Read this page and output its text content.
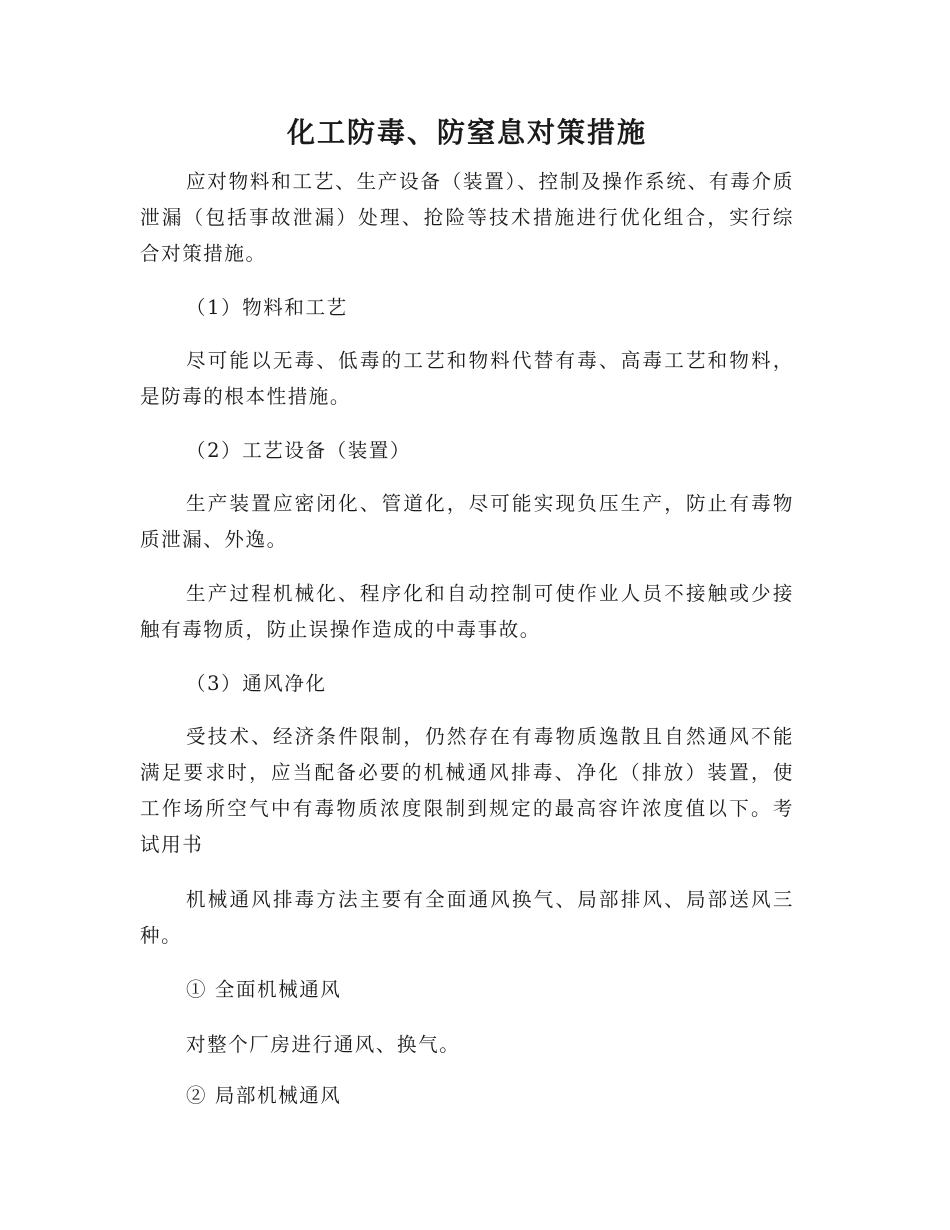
化工防毒、防窒息对策措施

应对物料和工艺、生产设备（装置）、控制及操作系统、有毒介质泄漏（包括事故泄漏）处理、抢险等技术措施进行优化组合，实行综合对策措施。

（1）物料和工艺

尽可能以无毒、低毒的工艺和物料代替有毒、高毒工艺和物料，是防毒的根本性措施。

（2）工艺设备（装置）

生产装置应密闭化、管道化，尽可能实现负压生产，防止有毒物质泄漏、外逸。

生产过程机械化、程序化和自动控制可使作业人员不接触或少接触有毒物质，防止误操作造成的中毒事故。

（3）通风净化

受技术、经济条件限制，仍然存在有毒物质逸散且自然通风不能满足要求时，应当配备必要的机械通风排毒、净化（排放）装置，使工作场所空气中有毒物质浓度限制到规定的最高容许浓度值以下。考试用书

机械通风排毒方法主要有全面通风换气、局部排风、局部送风三种。

① 全面机械通风

对整个厂房进行通风、换气。

② 局部机械通风
